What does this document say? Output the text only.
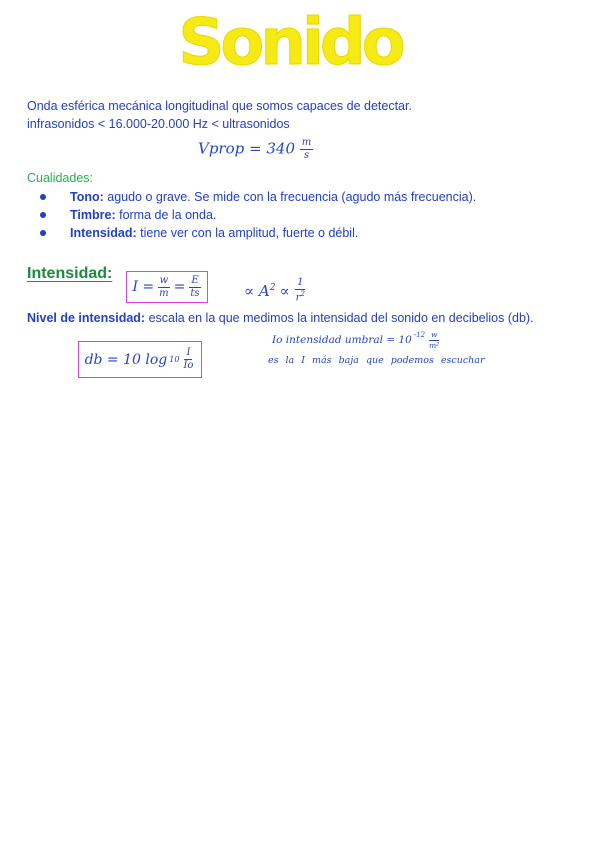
Sonido
Onda esférica mecánica longitudinal que somos capaces de detectar.
infrasonidos < 16.000-20.000 Hz < ultrasonidos
Vprop = $340 \frac{m}{s}$
Cualidades:
Tono: agudo o grave. Se mide con la frecuencia (agudo más frecuencia).
Timbre: forma de la onda.
Intensidad: tiene ver con la amplitud, fuerte o débil.
Intensidad:
$I = \frac{w}{m} = \frac{E}{ts}$	∝ $A^2 \propto \frac{1}{r^2}$
Nivel de intensidad: escala en la que medimos la intensidad del sonido en decibelios (db).
db = 10 $\log 10 \frac{I}{Io}$
Io intensidad umbral = 10 $^{-12} \frac{w}{\text{m²}}$
es la I más baja que podemos escuchar
